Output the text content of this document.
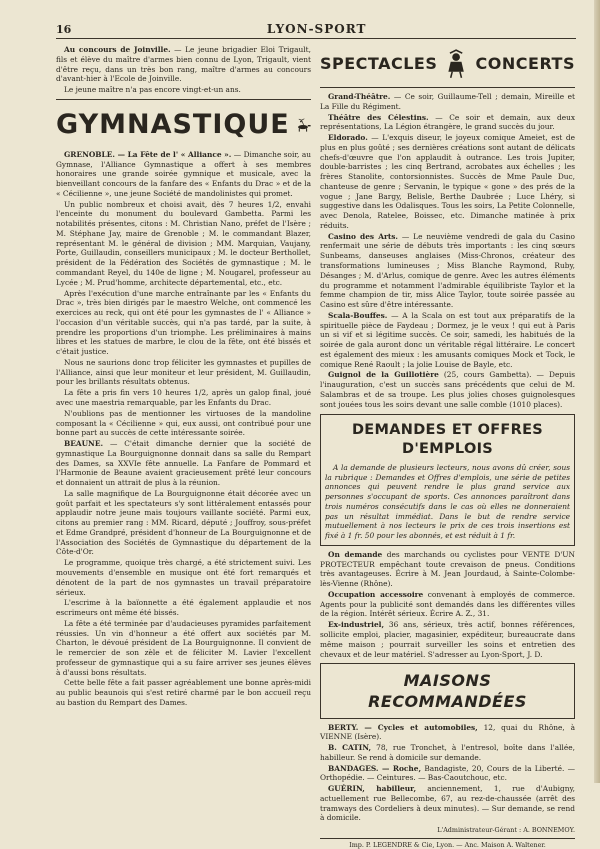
16	LYON-SPORT

Au concours de Joinville. — Le jeune brigadier Eloi Trigault, fils et élève du maître d'armes bien connu de Lyon, Trigault, vient d'être reçu, dans un très bon rang, maître d'armes au concours d'avant-hier à l'Ecole de Joinville.

Le jeune maître n'a pas encore vingt-et-un ans.

GYMNASTIQUE

GRENOBLE. — La Fête de l' « Alliance ». — Dimanche soir, au Gymnase, l'Alliance Gymnastique a offert à ses membres honoraires une grande soirée gymnique et musicale, avec la bienveillant concours de la fanfare des « Enfants du Drac » et de la « Cécilienne », une jeune Société de mandolinistes qui promet.

Un public nombreux et choisi avait, dès 7 heures 1/2, envahi l'enceinte du monument du boulevard Gambetta. Parmi les notabilités présentes, citons : M. Christian Nano, préfet de l'Isère ; M. Stéphane Jay, maire de Grenoble ; M. le commandant Blazer, représentant M. le général de division ; MM. Marquian, Vaujany, Porte, Guillaudin, conseillers municipaux ; M. le docteur Berthollet, président de la Fédération des Sociétés de gymnastique ; M. le commandant Reyel, du 140e de ligne ; M. Nougarel, professeur au Lycée ; M. Prud'homme, architecte départemental, etc., etc.

Après l'exécution d'une marche entraînante par les « Enfants du Drac », très bien dirigés par le maestro Welche, ont commencé les exercices au reck, qui ont été pour les gymnastes de l' « Alliance » l'occasion d'un véritable succès, qui n'a pas tardé, par la suite, à prendre les proportions d'un triomphe. Les préliminaires à mains libres et les statues de marbre, le clou de la fête, ont été bissés et c'était justice.

Nous ne saurions donc trop féliciter les gymnastes et pupilles de l'Alliance, ainsi que leur moniteur et leur président, M. Guillaudin, pour les brillants résultats obtenus.

La fête a pris fin vers 10 heures 1/2, après un galop final, joué avec une maestria remarquable, par les Enfants du Drac.

N'oublions pas de mentionner les virtuoses de la mandoline composant la « Cécilienne » qui, eux aussi, ont contribué pour une bonne part au succès de cette intéressante soirée.

BEAUNE. — C'était dimanche dernier que la société de gymnastique La Bourguignonne donnait dans sa salle du Rempart des Dames, sa XXVIe fête annuelle. La Fanfare de Pommard et l'Harmonie de Beaune avaient gracieusement prêté leur concours et donnaient un attrait de plus à la réunion.

La salle magnifique de La Bourguignonne était décorée avec un goût parfait et les spectateurs s'y sont littéralement entassés pour applaudir notre jeune mais toujours vaillante société. Parmi eux, citons au premier rang : MM. Ricard, député ; Jouffroy, sous-préfet et Edme Grandpré, président d'honneur de La Bourguignonne et de l'Association des Sociétés de Gymnastique du département de la Côte-d'Or.

Le programme, quoique très chargé, a été strictement suivi. Les mouvements d'ensemble en musique ont été fort remarqués et dénotent de la part de nos gymnastes un travail préparatoire sérieux.

L'escrime à la baïonnette a été également applaudie et nos escrimeurs ont même été bissés.

La fête a été terminée par d'audacieuses pyramides parfaitement réussies. Un vin d'honneur a été offert aux sociétés par M. Charton, le dévoué président de La Bourguignonne. Il convient de le remercier de son zèle et de féliciter M. Lavier l'excellent professeur de gymnastique qui a su faire arriver ses jeunes élèves à d'aussi bons résultats.

Cette belle fête a fait passer agréablement une bonne après-midi au public beaunois qui s'est retiré charmé par le bon accueil reçu au bastion du Rempart des Dames.

SPECTACLES CONCERTS

Grand-Théâtre. — Ce soir, Guillaume-Tell ; demain, Mireille et La Fille du Régiment.

Théâtre des Célestins. — Ce soir et demain, aux deux représentations, La Légion étrangère, le grand succès du jour.

Eldorado. — L'exquis diseur, le joyeux comique Ameiet, est de plus en plus goûté ; ses dernières créations sont autant de délicats chefs-d'œuvre que l'on applaudit à outrance. Les trois Jupiter, double-barristes ; les cinq Bertrand, acrobates aux échelles ; les frères Stanolite, contorsionnistes. Succès de Mme Paule Duc, chanteuse de genre ; Servanin, le typique « gone » des prés de la vogue ; Jane Bargy, Belisle, Berthe Daubrée ; Luce Lhéry, si suggestive dans les Odalisques. Tous les soirs, La Petite Colonnelle, avec Denola, Ratelee, Boissec, etc. Dimanche matinée à prix réduits.

Casino des Arts. — Le neuvième vendredi de gala du Casino renfermait une série de débuts très importants : les cinq sœurs Sunbeams, danseuses anglaises (Miss-Chronos, créateur des transformations lumineuses ; Miss Blanche Raymond, Ruby, Désanges ; M. d'Arlus, comique de genre. Avec les autres éléments du programme et notamment l'admirable équilibriste Taylor et la femme champion de tir, miss Alice Taylor, toute soirée passée au Casino est sûre d'être intéressante.

Scala-Bouffes. — A la Scala on est tout aux préparatifs de la spirituelle pièce de Faydeau ; Dormez, je le veux ! qui eut à Paris un si vif et si légitime succès. Ce soir, samedi, les habitués de la soirée de gala auront donc un véritable régal littéraire. Le concert est également des mieux : les amusants comiques Mock et Tock, le comique René Raoult ; la jolie Louise de Bayle, etc.

Guignol de la Guillotière (25, cours Gambetta). — Depuis l'inauguration, c'est un succès sans précédents que celui de M. Salambras et de sa troupe. Les plus jolies choses guignolesques sont jouées tous les soirs devant une salle comble (1010 places).

DEMANDES ET OFFRES D'EMPLOIS

A la demande de plusieurs lecteurs, nous avons dû créer, sous la rubrique : Demandes et Offres d'emplois, une série de petites annonces qui peuvent rendre le plus grand service aux personnes s'occupant de sports. Ces annonces paraîtront dans trois numéros consécutifs dans le cas où elles ne donneraient pas un résultat immédiat. Dans le but de rendre service mutuellement à nos lecteurs le prix de ces trois insertions est fixé à 1 fr. 50 pour les abonnés, et est réduit à 1 fr.

On demande des marchands ou cyclistes pour VENTE D'UN PROTECTEUR empêchant toute crevaison de pneus. Conditions très avantageuses. Écrire à M. Jean Jourdaud, à Sainte-Colombe-lès-Vienne (Rhône).

Occupation accessoire convenant à employés de commerce. Agents pour la publicité sont demandés dans les différentes villes de la région. Intérêt sérieux. Écrire A. Z., 31.

Ex-industriel, 36 ans, sérieux, très actif, bonnes références, sollicite emploi, placier, magasinier, expéditeur, bureaucrate dans même maison ; pourrait surveiller les soins et entretien des chevaux et de leur matériel. S'adresser au Lyon-Sport, J. D.

MAISONS RECOMMANDÉES

BERTY. — Cycles et automobiles, 12, quai du Rhône, à VIENNE (Isère).

B. CATIN, 78, rue Tronchet, à l'entresol, boîte dans l'allée, habilleur. Se rend à domicile sur demande.

BANDAGES. — Roche, Bandagiste, 20, Cours de la Liberté. — Orthopédie. — Ceintures. — Bas-Caoutchouc, etc.

GUÉRIN, habilleur, anciennement, 1, rue d'Aubigny, actuellement rue Bellecombe, 67, au rez-de-chaussée (arrêt des tramways des Cordeliers à deux minutes). — Sur demande, se rend à domicile.

L'Administrateur-Gérant : A. BONNEMOY.
Imp. P. LEGENDRE & Cie, Lyon. — Anc. Maison A. Waltener.
